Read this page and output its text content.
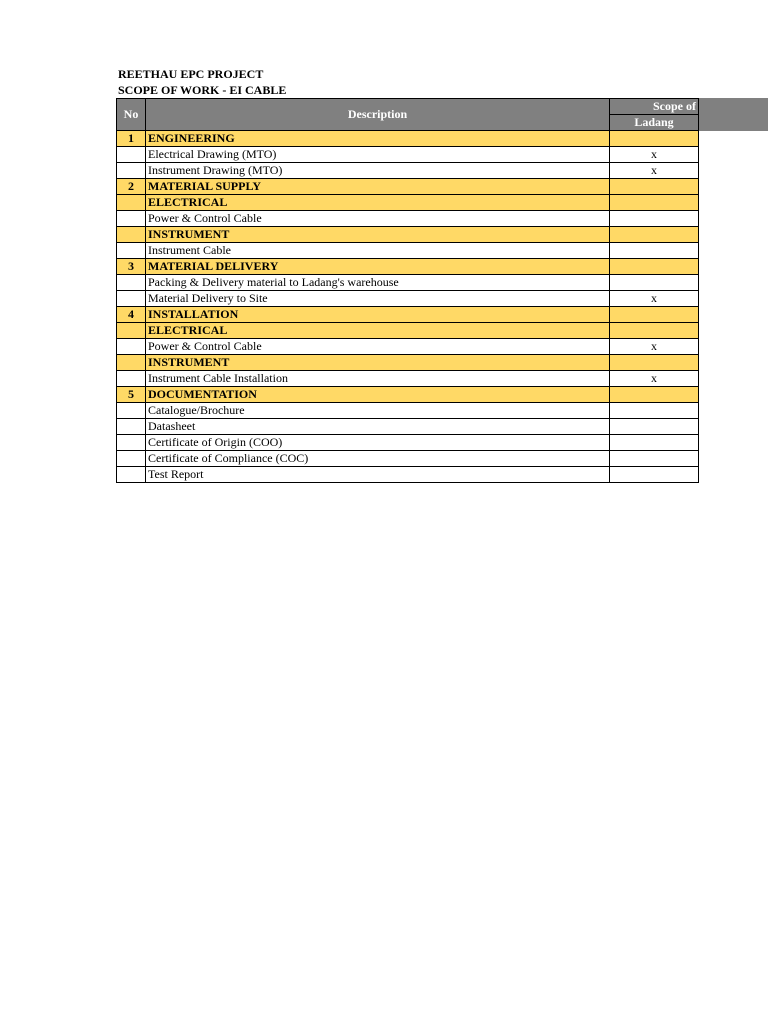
REETHAU EPC PROJECT
SCOPE OF WORK - EI CABLE
No	Description	Scope of
		Ladang
1	ENGINEERING	
	Electrical Drawing (MTO)	x
	Instrument Drawing (MTO)	x
2	MATERIAL SUPPLY	
	ELECTRICAL	
	Power & Control Cable	
	INSTRUMENT	
	Instrument Cable	
3	MATERIAL DELIVERY	
	Packing & Delivery material to Ladang's warehouse	
	Material Delivery to Site	x
4	INSTALLATION	
	ELECTRICAL	
	Power & Control Cable	x
	INSTRUMENT	
	Instrument Cable Installation	x
5	DOCUMENTATION	
	Catalogue/Brochure	
	Datasheet	
	Certificate of Origin (COO)	
	Certificate of Compliance (COC)	
	Test Report	
